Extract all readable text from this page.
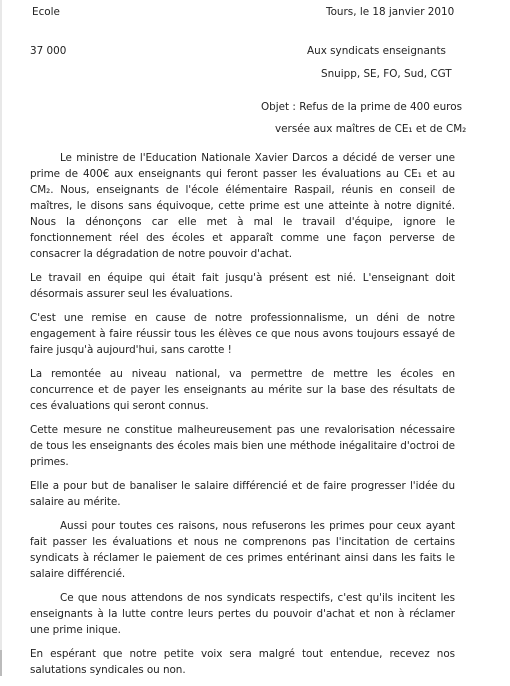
Ecole
37 000
Tours, le 18 janvier 2010
Aux syndicats enseignants
Snuipp, SE, FO, Sud, CGT
Objet : Refus de la prime de 400 euros
versée aux maîtres de CE₁ et de CM₂

Le ministre de l'Education Nationale Xavier Darcos a décidé de verser une prime de 400€ aux enseignants qui feront passer les évaluations au CE₁ et au CM₂. Nous, enseignants de l'école élémentaire Raspail, réunis en conseil de maîtres, le disons sans équivoque, cette prime est une atteinte à notre dignité. Nous la dénonçons car elle met à mal le travail d'équipe, ignore le fonctionnement réel des écoles et apparaît comme une façon perverse de consacrer la dégradation de notre pouvoir d'achat.

Le travail en équipe qui était fait jusqu'à présent est nié. L'enseignant doit désormais assurer seul les évaluations.

C'est une remise en cause de notre professionnalisme, un déni de notre engagement à faire réussir tous les élèves ce que nous avons toujours essayé de faire jusqu'à aujourd'hui, sans carotte !

La remontée au niveau national, va permettre de mettre les écoles en concurrence et de payer les enseignants au mérite sur la base des résultats de ces évaluations qui seront connus.

Cette mesure ne constitue malheureusement pas une revalorisation nécessaire de tous les enseignants des écoles mais bien une méthode inégalitaire d'octroi de primes.

Elle a pour but de banaliser le salaire différencié et de faire progresser l'idée du salaire au mérite.

Aussi pour toutes ces raisons, nous refuserons les primes pour ceux ayant fait passer les évaluations et nous ne comprenons pas l'incitation de certains syndicats à réclamer le paiement de ces primes entérinant ainsi dans les faits le salaire différencié.

Ce que nous attendons de nos syndicats respectifs, c'est qu'ils incitent les enseignants à la lutte contre leurs pertes du pouvoir d'achat et non à réclamer une prime inique.

En espérant que notre petite voix sera malgré tout entendue, recevez nos salutations syndicales ou non.
